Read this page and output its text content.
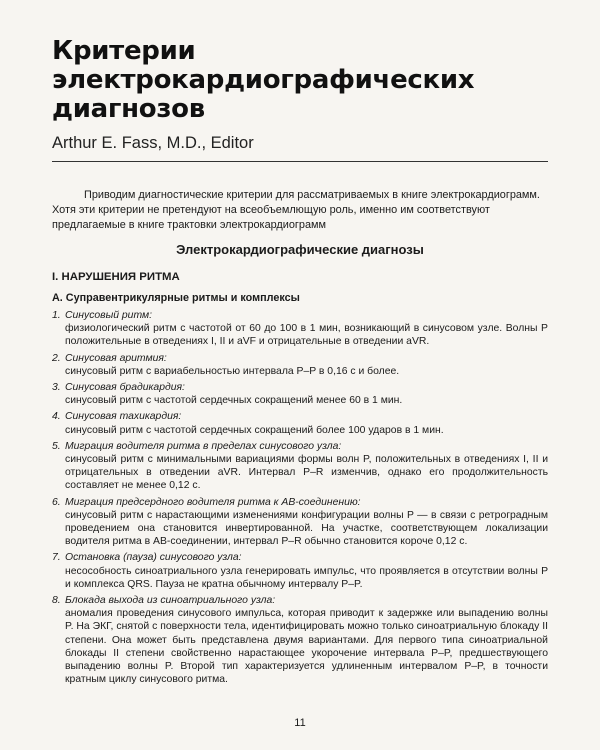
Критерии электрокардиографических диагнозов
Arthur E. Fass, M.D., Editor

Приводим диагностические критерии для рассматриваемых в книге электрокардиограмм. Хотя эти критерии не претендуют на всеобъемлющую роль, именно им соответствуют предлагаемые в книге трактовки электрокардиограмм

Электрокардиографические диагнозы
I. НАРУШЕНИЯ РИТМА
А. Суправентрикулярные ритмы и комплексы
1. Синусовый ритм:
физиологический ритм с частотой от 60 до 100 в 1 мин, возникающий в синусовом узле. Волны P положительные в отведениях I, II и aVF и отрицательные в отведении aVR.
2. Синусовая аритмия:
синусовый ритм с вариабельностью интервала P–P в 0,16 с и более.
3. Синусовая брадикардия:
синусовый ритм с частотой сердечных сокращений менее 60 в 1 мин.
4. Синусовая тахикардия:
синусовый ритм с частотой сердечных сокращений более 100 ударов в 1 мин.
5. Миграция водителя ритма в пределах синусового узла:
синусовый ритм с минимальными вариациями формы волн P, положительных в отведениях I, II и отрицательных в отведении aVR. Интервал P–R изменчив, однако его продолжительность составляет не менее 0,12 с.
6. Миграция предсердного водителя ритма к AB-соединению:
синусовый ритм с нарастающими изменениями конфигурации волны P — в связи с ретроградным проведением она становится инвертированной. На участке, соответствующем локализации водителя ритма в AB-соединении, интервал P–R обычно становится короче 0,12 с.
7. Остановка (пауза) синусового узла:
несособность синоатриального узла генерировать импульс, что проявляется в отсутствии волны P и комплекса QRS. Пауза не кратна обычному интервалу P–P.
8. Блокада выхода из синоатриального узла:
аномалия проведения синусового импульса, которая приводит к задержке или выпадению волны P. На ЭКГ, снятой с поверхности тела, идентифицировать можно только синоатриальную блокаду II степени. Она может быть представлена двумя вариантами. Для первого типа синоатриальной блокады II степени свойственно нарастающее укорочение интервала P–P, предшествующего выпадению волны P. Второй тип характеризуется удлиненным интервалом P–P, в точности кратным циклу синусового ритма.
11
